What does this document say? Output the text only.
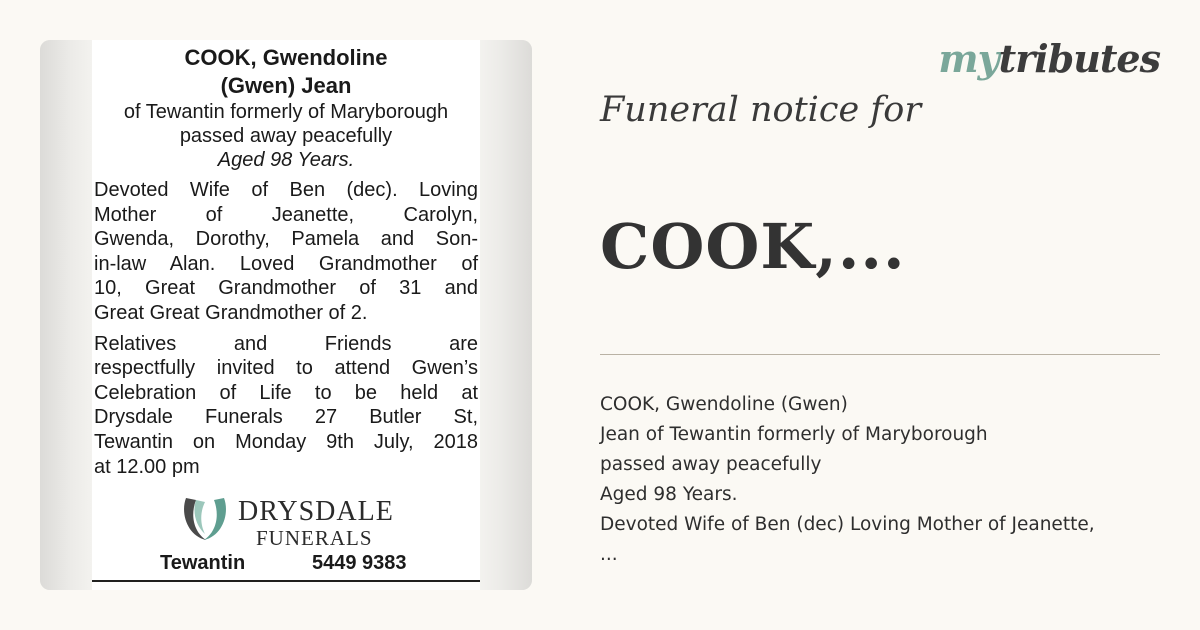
COOK, Gwendoline
(Gwen) Jean
of Tewantin formerly of Maryborough
passed away peacefully
Aged 98 Years.
Devoted Wife of Ben (dec). Loving
Mother of Jeanette, Carolyn,
Gwenda, Dorothy, Pamela and Son-
in-law Alan. Loved Grandmother of
10, Great Grandmother of 31 and
Great Great Grandmother of 2.
Relatives and Friends are
respectfully invited to attend Gwen’s
Celebration of Life to be held at
Drysdale Funerals 27 Butler St,
Tewantin on Monday 9th July, 2018
at 12.00 pm
DRYSDALE
FUNERALS
Tewantin	5449 9383
mytributes
Funeral notice for
COOK,...
COOK, Gwendoline (Gwen)
Jean of Tewantin formerly of Maryborough
passed away peacefully
Aged 98 Years.
Devoted Wife of Ben (dec) Loving Mother of Jeanette,
...
